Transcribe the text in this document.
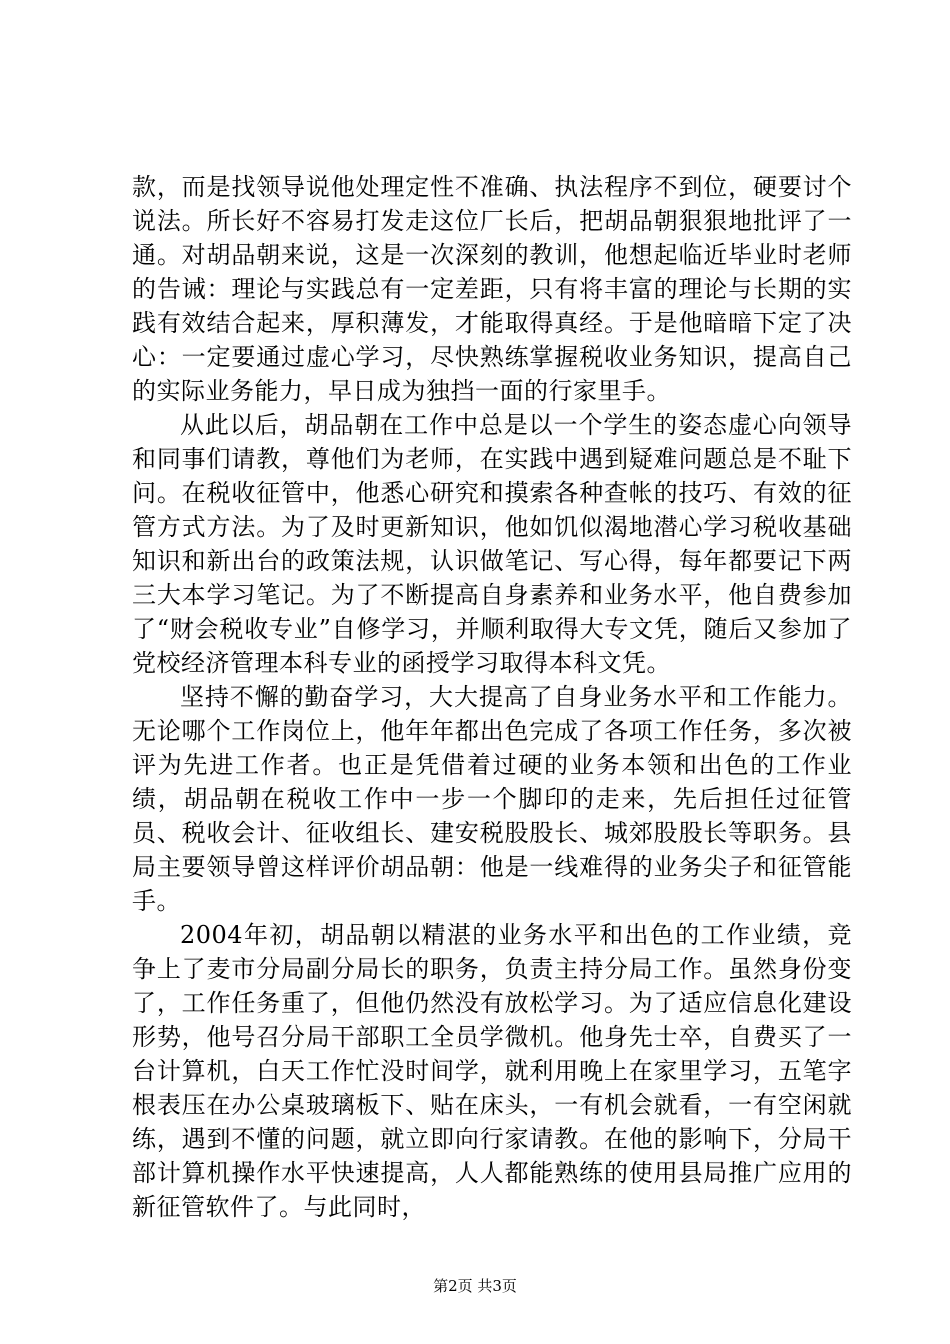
款，而是找领导说他处理定性不准确、执法程序不到位，硬要讨个说法。所长好不容易打发走这位厂长后，把胡品朝狠狠地批评了一通。对胡品朝来说，这是一次深刻的教训，他想起临近毕业时老师的告诫：理论与实践总有一定差距，只有将丰富的理论与长期的实践有效结合起来，厚积薄发，才能取得真经。于是他暗暗下定了决心：一定要通过虚心学习，尽快熟练掌握税收业务知识，提高自己的实际业务能力，早日成为独挡一面的行家里手。

从此以后，胡品朝在工作中总是以一个学生的姿态虚心向领导和同事们请教，尊他们为老师，在实践中遇到疑难问题总是不耻下问。在税收征管中，他悉心研究和摸索各种查帐的技巧、有效的征管方式方法。为了及时更新知识，他如饥似渴地潜心学习税收基础知识和新出台的政策法规，认识做笔记、写心得，每年都要记下两三大本学习笔记。为了不断提高自身素养和业务水平，他自费参加了“财会税收专业”自修学习，并顺利取得大专文凭，随后又参加了党校经济管理本科专业的函授学习取得本科文凭。

坚持不懈的勤奋学习，大大提高了自身业务水平和工作能力。无论哪个工作岗位上，他年年都出色完成了各项工作任务，多次被评为先进工作者。也正是凭借着过硬的业务本领和出色的工作业绩，胡品朝在税收工作中一步一个脚印的走来，先后担任过征管员、税收会计、征收组长、建安税股股长、城郊股股长等职务。县局主要领导曾这样评价胡品朝：他是一线难得的业务尖子和征管能手。

2004年初，胡品朝以精湛的业务水平和出色的工作业绩，竞争上了麦市分局副分局长的职务，负责主持分局工作。虽然身份变了，工作任务重了，但他仍然没有放松学习。为了适应信息化建设形势，他号召分局干部职工全员学微机。他身先士卒，自费买了一台计算机，白天工作忙没时间学，就利用晚上在家里学习，五笔字根表压在办公桌玻璃板下、贴在床头，一有机会就看，一有空闲就练，遇到不懂的问题，就立即向行家请教。在他的影响下，分局干部计算机操作水平快速提高，人人都能熟练的使用县局推广应用的新征管软件了。与此同时，

第2页 共3页
